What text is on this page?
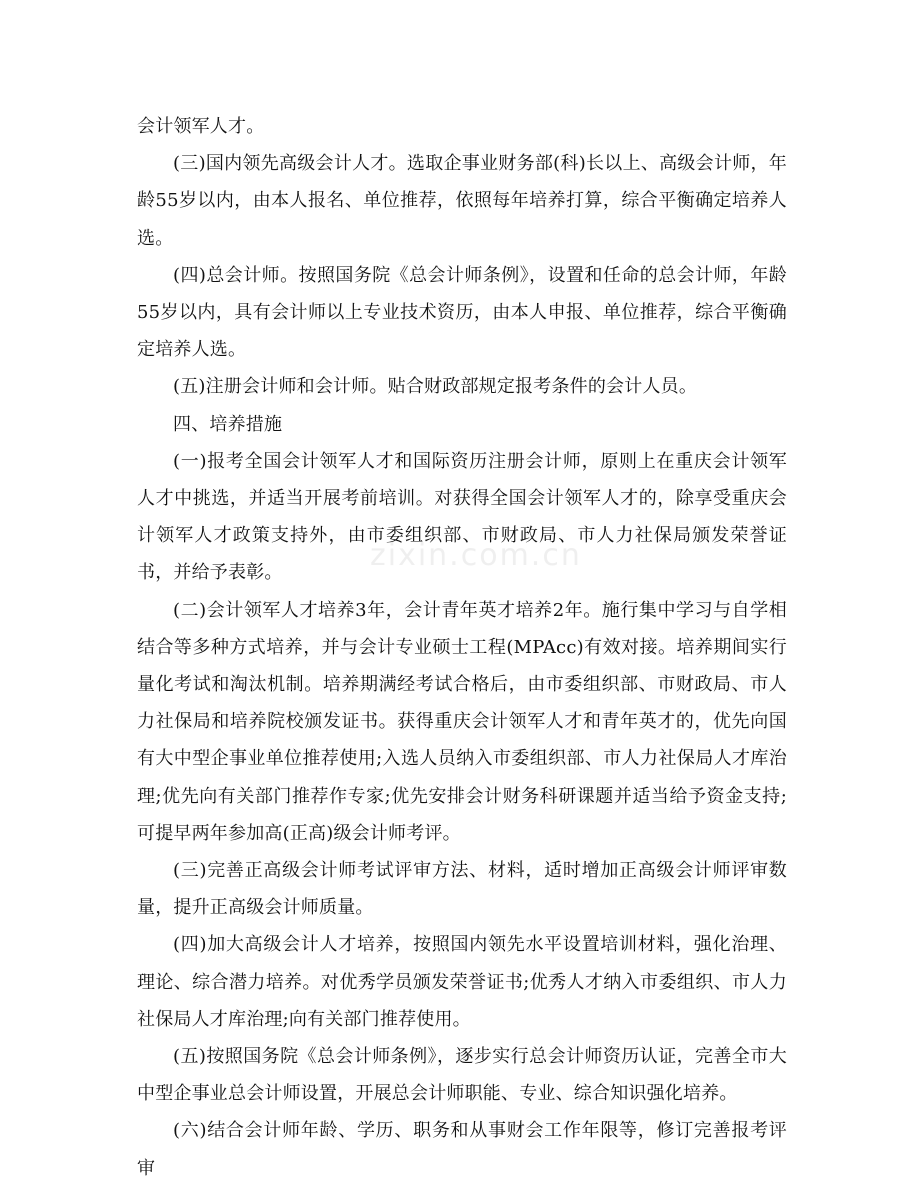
会计领军人才。

(三)国内领先高级会计人才。选取企事业财务部(科)长以上、高级会计师，年龄55岁以内，由本人报名、单位推荐，依照每年培养打算，综合平衡确定培养人选。

(四)总会计师。按照国务院《总会计师条例》，设置和任命的总会计师，年龄55岁以内，具有会计师以上专业技术资历，由本人申报、单位推荐，综合平衡确定培养人选。

(五)注册会计师和会计师。贴合财政部规定报考条件的会计人员。

四、培养措施

(一)报考全国会计领军人才和国际资历注册会计师，原则上在重庆会计领军人才中挑选，并适当开展考前培训。对获得全国会计领军人才的，除享受重庆会计领军人才政策支持外，由市委组织部、市财政局、市人力社保局颁发荣誉证书，并给予表彰。

(二)会计领军人才培养3年，会计青年英才培养2年。施行集中学习与自学相结合等多种方式培养，并与会计专业硕士工程(MPAcc)有效对接。培养期间实行量化考试和淘汰机制。培养期满经考试合格后，由市委组织部、市财政局、市人力社保局和培养院校颁发证书。获得重庆会计领军人才和青年英才的，优先向国有大中型企事业单位推荐使用;入选人员纳入市委组织部、市人力社保局人才库治理;优先向有关部门推荐作专家;优先安排会计财务科研课题并适当给予资金支持;可提早两年参加高(正高)级会计师考评。

(三)完善正高级会计师考试评审方法、材料，适时增加正高级会计师评审数量，提升正高级会计师质量。

(四)加大高级会计人才培养，按照国内领先水平设置培训材料，强化治理、理论、综合潜力培养。对优秀学员颁发荣誉证书;优秀人才纳入市委组织、市人力社保局人才库治理;向有关部门推荐使用。

(五)按照国务院《总会计师条例》，逐步实行总会计师资历认证，完善全市大中型企事业总会计师设置，开展总会计师职能、专业、综合知识强化培养。

(六)结合会计师年龄、学历、职务和从事财会工作年限等，修订完善报考评审

zixin.com.cn
